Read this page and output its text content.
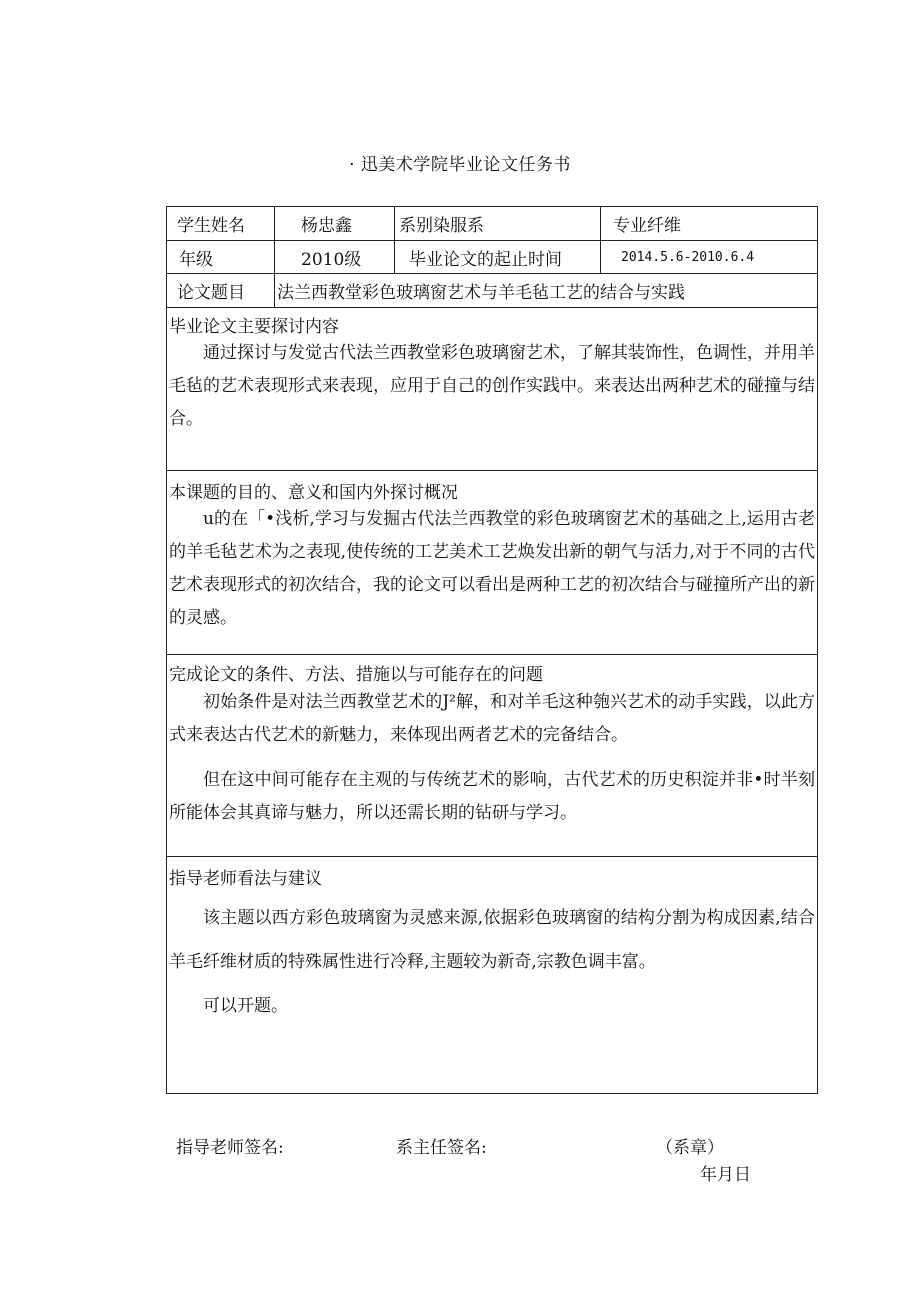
· 迅美术学院毕业论文任务书
学生姓名	杨忠鑫	系别染服系	专业纤维
年级	2010级	毕业论文的起止时间	2014.5.6-2010.6.4
论文题目	法兰西教堂彩色玻璃窗艺术与羊毛毡工艺的结合与实践
毕业论文主要探讨内容

通过探讨与发觉古代法兰西教堂彩色玻璃窗艺术，了解其装饰性，色调性，并用羊毛毡的艺术表现形式来表现，应用于自己的创作实践中。来表达出两种艺术的碰撞与结合。

本课题的目的、意义和国内外探讨概况

u的在「•浅析,学习与发掘古代法兰西教堂的彩色玻璃窗艺术的基础之上,运用古老的羊毛毡艺术为之表现,使传统的工艺美术工艺焕发出新的朝气与活力,对于不同的古代艺术表现形式的初次结合，我的论文可以看出是两种工艺的初次结合与碰撞所产出的新的灵感。

完成论文的条件、方法、措施以与可能存在的问题

初始条件是对法兰西教堂艺术的J²解，和对羊毛这种匏兴艺术的动手实践，以此方式来表达古代艺术的新魅力，来体现出两者艺术的完备结合。

但在这中间可能存在主观的与传统艺术的影响，古代艺术的历史积淀并非•时半刻所能体会其真谛与魅力，所以还需长期的钻研与学习。

指导老师看法与建议

该主题以西方彩色玻璃窗为灵感来源,依据彩色玻璃窗的结构分割为构成因素,结合羊毛纤维材质的特殊属性进行冷释,主题较为新奇,宗教色调丰富。

可以开题。

指导老师签名:	系主任签名:	（系章）
年月日
